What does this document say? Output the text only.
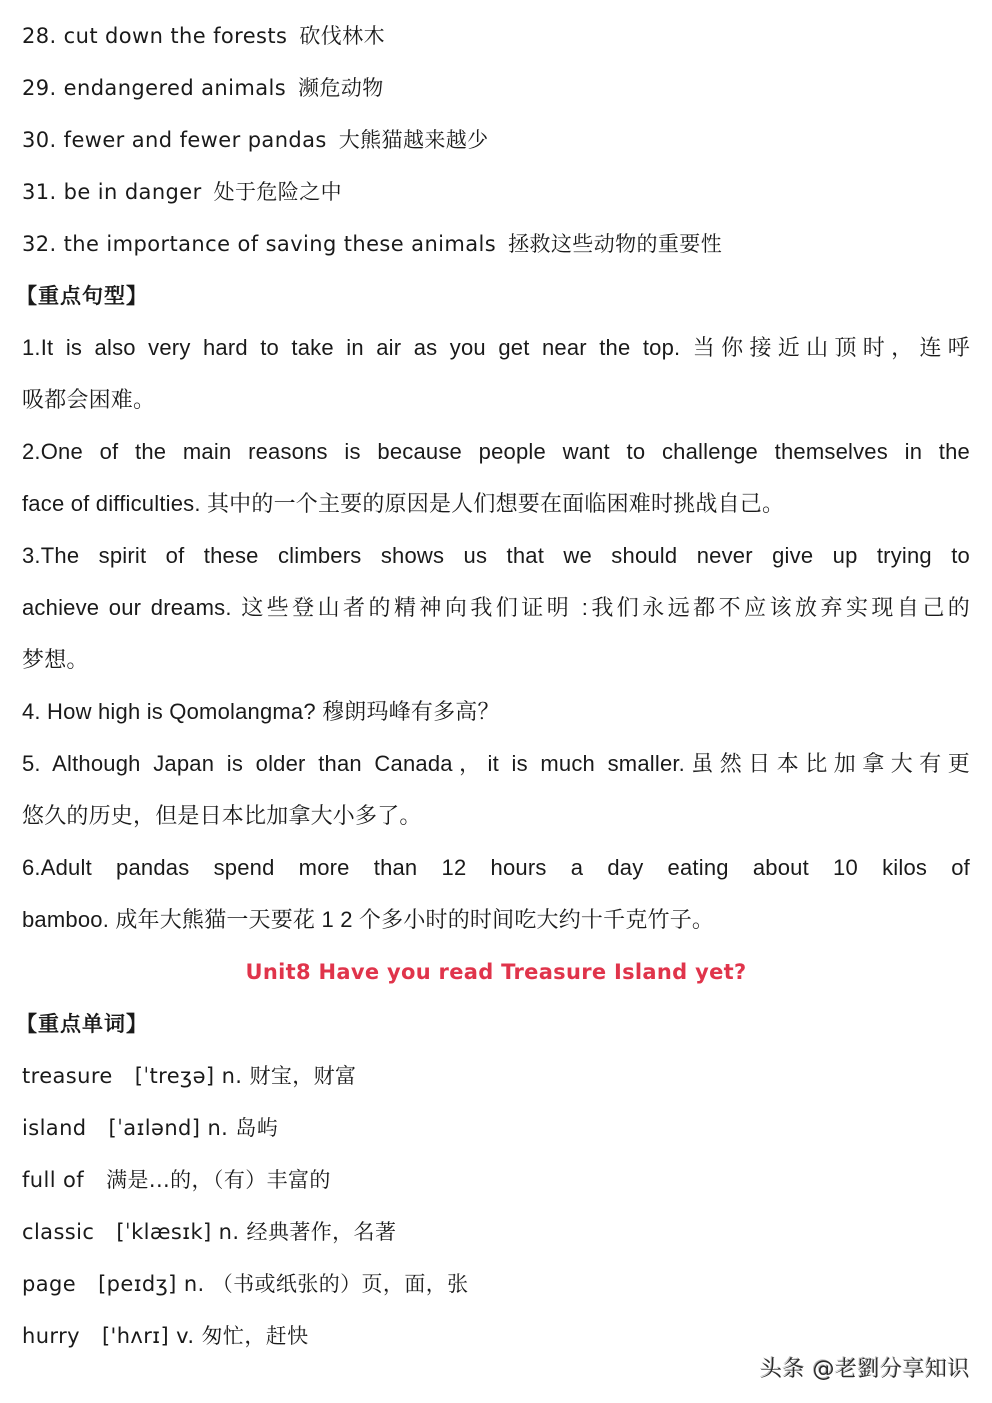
28. cut down the forests 砍伐林木
29. endangered animals 濒危动物
30. fewer and fewer pandas 大熊猫越来越少
31. be in danger 处于危险之中
32. the importance of saving these animals 拯救这些动物的重要性
【重点句型】
1.It is also very hard to take in air as you get near the top. 当你接近山顶时，连呼
吸都会困难。
2.One of the main reasons is because people want to challenge themselves in the
face of difficulties. 其中的一个主要的原因是人们想要在面临困难时挑战自己。
3.The spirit of these climbers shows us that we should never give up trying to
achieve our dreams. 这些登山者的精神向我们证明 :我们永远都不应该放弃实现自己的
梦想。
4. How high is Qomolangma? 穆朗玛峰有多高？
5. Although Japan is older than Canada，it is much smaller.虽然日本比加拿大有更
悠久的历史，但是日本比加拿大小多了。
6.Adult pandas spend more than 12 hours a day eating about 10 kilos of
bamboo. 成年大熊猫一天要花 1 2 个多小时的时间吃大约十千克竹子。
Unit8 Have you read Treasure Island yet?
【重点单词】
treasure [ˈtreʒə] n. 财宝，财富
island [ˈaɪlənd] n. 岛屿
full of 满是...的，（有）丰富的
classic [ˈklæsɪk] n. 经典著作，名著
page [peɪdʒ] n. （书或纸张的）页，面，张
hurry ['hʌrɪ] v. 匆忙，赶快
头条 @老劉分享知识
